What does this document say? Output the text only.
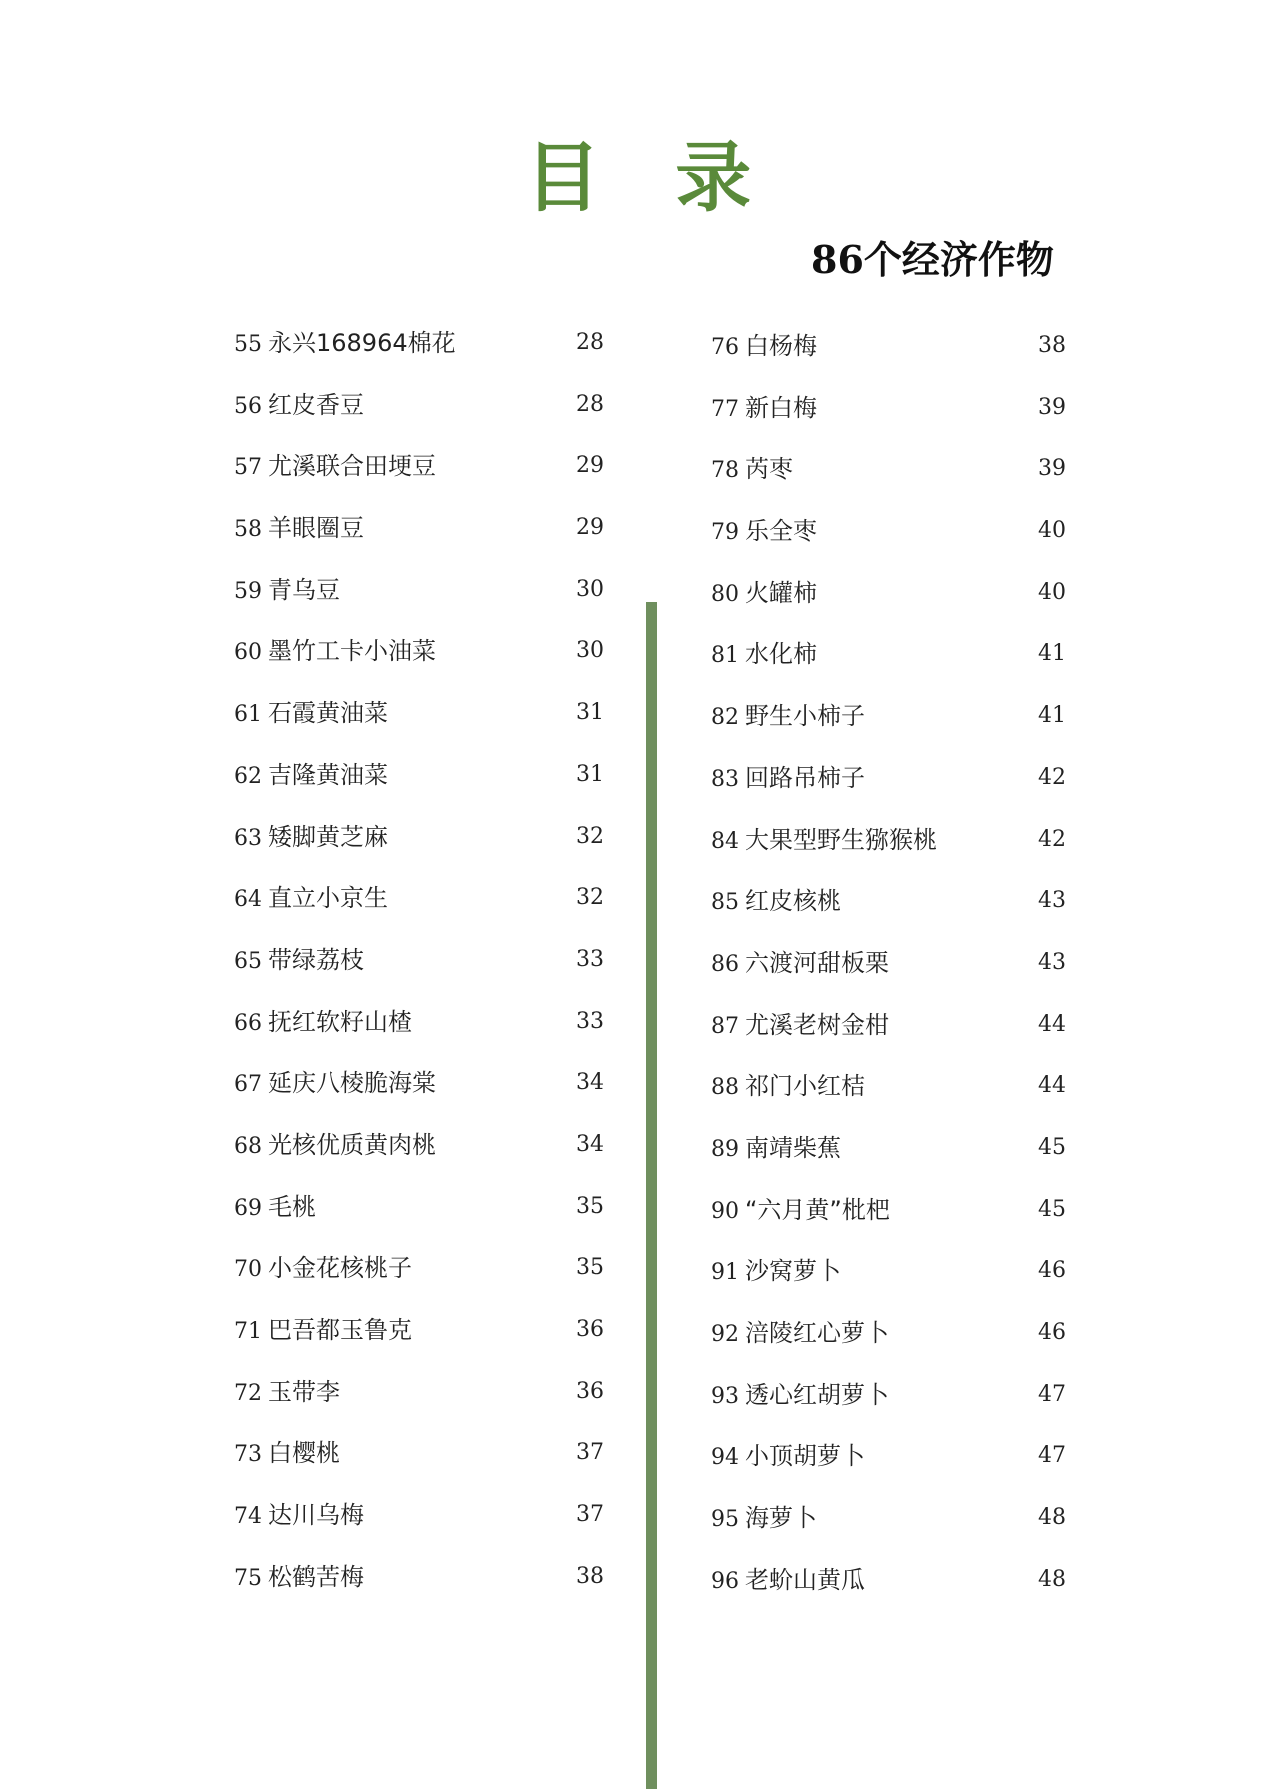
目 录
86个经济作物
55 永兴168964棉花	28
56 红皮香豆	28
57 尤溪联合田埂豆	29
58 羊眼圈豆	29
59 青乌豆	30
60 墨竹工卡小油菜	30
61 石霞黄油菜	31
62 吉隆黄油菜	31
63 矮脚黄芝麻	32
64 直立小京生	32
65 带绿荔枝	33
66 抚红软籽山楂	33
67 延庆八棱脆海棠	34
68 光核优质黄肉桃	34
69 毛桃	35
70 小金花核桃子	35
71 巴吾都玉鲁克	36
72 玉带李	36
73 白樱桃	37
74 达川乌梅	37
75 松鹤苦梅	38
76 白杨梅	38
77 新白梅	39
78 芮枣	39
79 乐全枣	40
80 火罐柿	40
81 水化柿	41
82 野生小柿子	41
83 回路吊柿子	42
84 大果型野生猕猴桃	42
85 红皮核桃	43
86 六渡河甜板栗	43
87 尤溪老树金柑	44
88 祁门小红桔	44
89 南靖柴蕉	45
90 “六月黄”枇杷	45
91 沙窝萝卜	46
92 涪陵红心萝卜	46
93 透心红胡萝卜	47
94 小顶胡萝卜	47
95 海萝卜	48
96 老蚧山黄瓜	48
